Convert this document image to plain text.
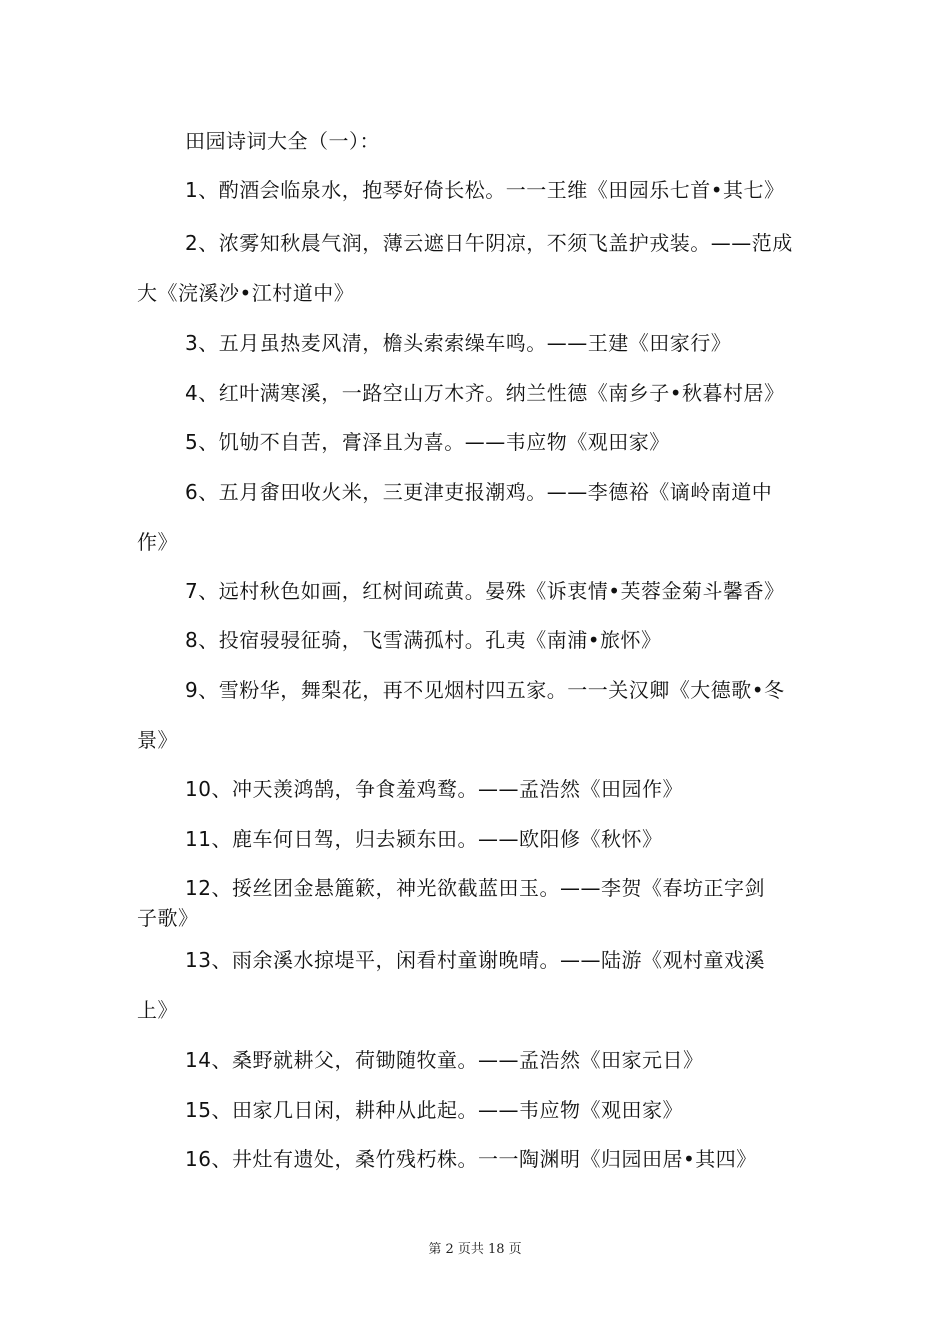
田园诗词大全（一）：
1、酌酒会临泉水，抱琴好倚长松。一一王维《田园乐七首•其七》
2、浓雾知秋晨气润，薄云遮日午阴凉，不须飞盖护戎装。——范成
大《浣溪沙•江村道中》
3、五月虽热麦风清，檐头索索缲车鸣。——王建《田家行》
4、红叶满寒溪，一路空山万木齐。纳兰性德《南乡子•秋暮村居》
5、饥劬不自苦，膏泽且为喜。——韦应物《观田家》
6、五月畬田收火米，三更津吏报潮鸡。——李德裕《谪岭南道中
作》
7、远村秋色如画，红树间疏黄。晏殊《诉衷情•芙蓉金菊斗馨香》
8、投宿骎骎征骑，飞雪满孤村。孔夷《南浦•旅怀》
9、雪粉华，舞梨花，再不见烟村四五家。一一关汉卿《大德歌•冬
景》
10、冲天羡鸿鹄，争食羞鸡鹜。——孟浩然《田园作》
11、鹿车何日驾，归去颍东田。——欧阳修《秋怀》
12、挼丝团金悬簏簌，神光欲截蓝田玉。——李贺《春坊正字剑
子歌》
13、雨余溪水掠堤平，闲看村童谢晚晴。——陆游《观村童戏溪
上》
14、桑野就耕父，荷锄随牧童。——孟浩然《田家元日》
15、田家几日闲，耕种从此起。——韦应物《观田家》
16、井灶有遗处，桑竹残朽株。一一陶渊明《归园田居•其四》
第 2 页共 18 页
